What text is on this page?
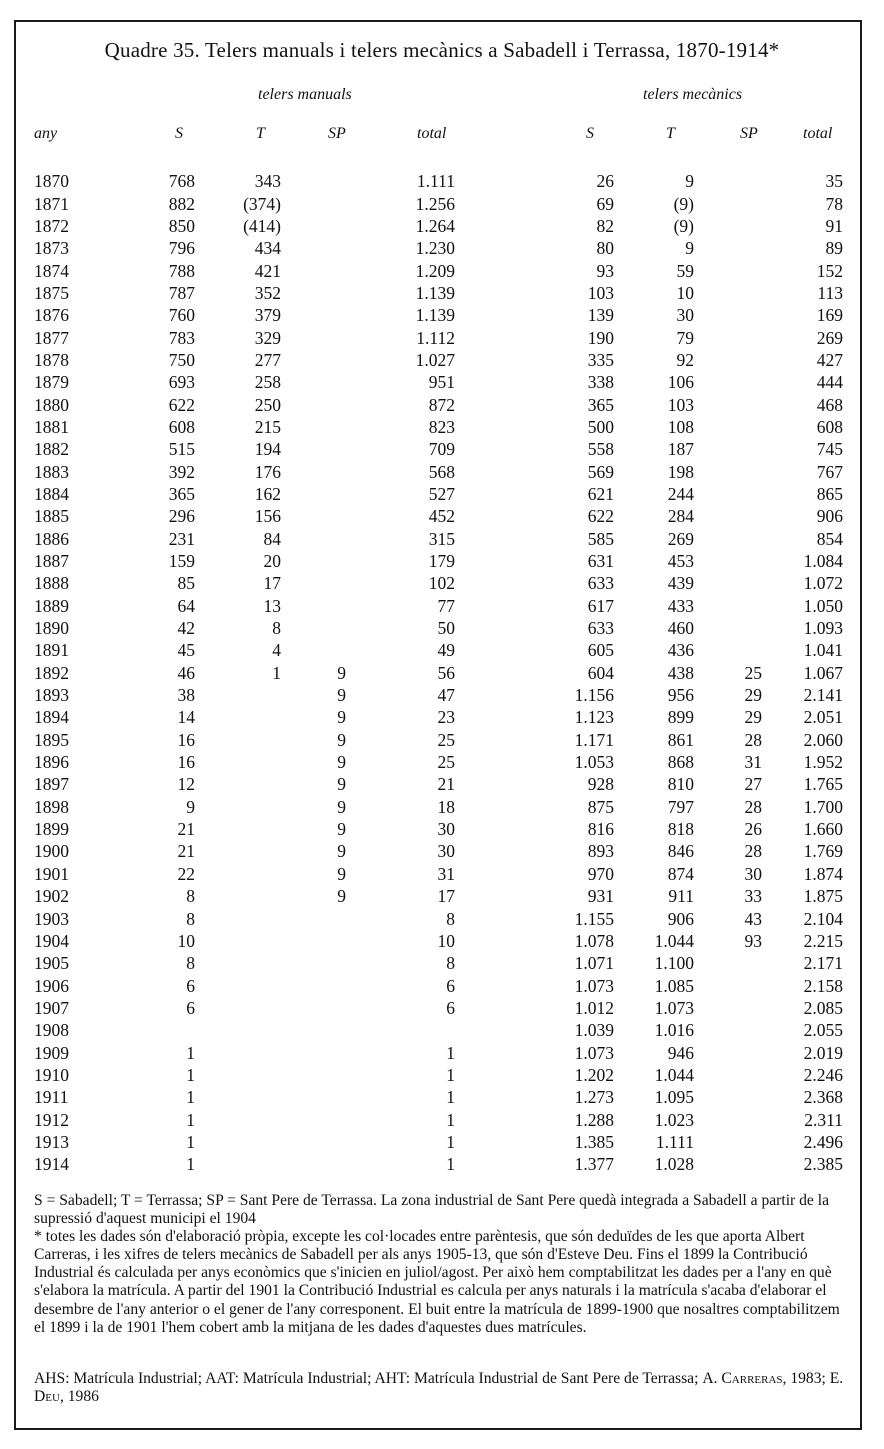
Quadre 35. Telers manuals i telers mecànics a Sabadell i Terrassa, 1870-1914*
telers manuals	telers mecànics
any	S	T	SP	total	S	T	SP	total
1870	768	343		1.111	26	9		35
1871	882	(374)		1.256	69	(9)		78
1872	850	(414)		1.264	82	(9)		91
1873	796	434		1.230	80	9		89
1874	788	421		1.209	93	59		152
1875	787	352		1.139	103	10		113
1876	760	379		1.139	139	30		169
1877	783	329		1.112	190	79		269
1878	750	277		1.027	335	92		427
1879	693	258		951	338	106		444
1880	622	250		872	365	103		468
1881	608	215		823	500	108		608
1882	515	194		709	558	187		745
1883	392	176		568	569	198		767
1884	365	162		527	621	244		865
1885	296	156		452	622	284		906
1886	231	84		315	585	269		854
1887	159	20		179	631	453		1.084
1888	85	17		102	633	439		1.072
1889	64	13		77	617	433		1.050
1890	42	8		50	633	460		1.093
1891	45	4		49	605	436		1.041
1892	46	1	9	56	604	438	25	1.067
1893	38		9	47	1.156	956	29	2.141
1894	14		9	23	1.123	899	29	2.051
1895	16		9	25	1.171	861	28	2.060
1896	16		9	25	1.053	868	31	1.952
1897	12		9	21	928	810	27	1.765
1898	9		9	18	875	797	28	1.700
1899	21		9	30	816	818	26	1.660
1900	21		9	30	893	846	28	1.769
1901	22		9	31	970	874	30	1.874
1902	8		9	17	931	911	33	1.875
1903	8			8	1.155	906	43	2.104
1904	10			10	1.078	1.044	93	2.215
1905	8			8	1.071	1.100		2.171
1906	6			6	1.073	1.085		2.158
1907	6			6	1.012	1.073		2.085
1908					1.039	1.016		2.055
1909	1			1	1.073	946		2.019
1910	1			1	1.202	1.044		2.246
1911	1			1	1.273	1.095		2.368
1912	1			1	1.288	1.023		2.311
1913	1			1	1.385	1.111		2.496
1914	1			1	1.377	1.028		2.385
S = Sabadell; T = Terrassa; SP = Sant Pere de Terrassa. La zona industrial de Sant Pere quedà integrada a Sabadell a partir de la supressió d'aquest municipi el 1904
* totes les dades són d'elaboració pròpia, excepte les col·locades entre parèntesis, que són deduïdes de les que aporta Albert Carreras, i les xifres de telers mecànics de Sabadell per als anys 1905-13, que són d'Esteve Deu. Fins el 1899 la Contribució Industrial és calculada per anys econòmics que s'inicien en juliol/agost. Per això hem comptabilitzat les dades per a l'any en què s'elabora la matrícula. A partir del 1901 la Contribució Industrial es calcula per anys naturals i la matrícula s'acaba d'elaborar el desembre de l'any anterior o el gener de l'any corresponent. El buit entre la matrícula de 1899-1900 que nosaltres comptabilitzem el 1899 i la de 1901 l'hem cobert amb la mitjana de les dades d'aquestes dues matrícules.
AHS: Matrícula Industrial; AAT: Matrícula Industrial; AHT: Matrícula Industrial de Sant Pere de Terrassa; A. Carreras, 1983; E. Deu, 1986
